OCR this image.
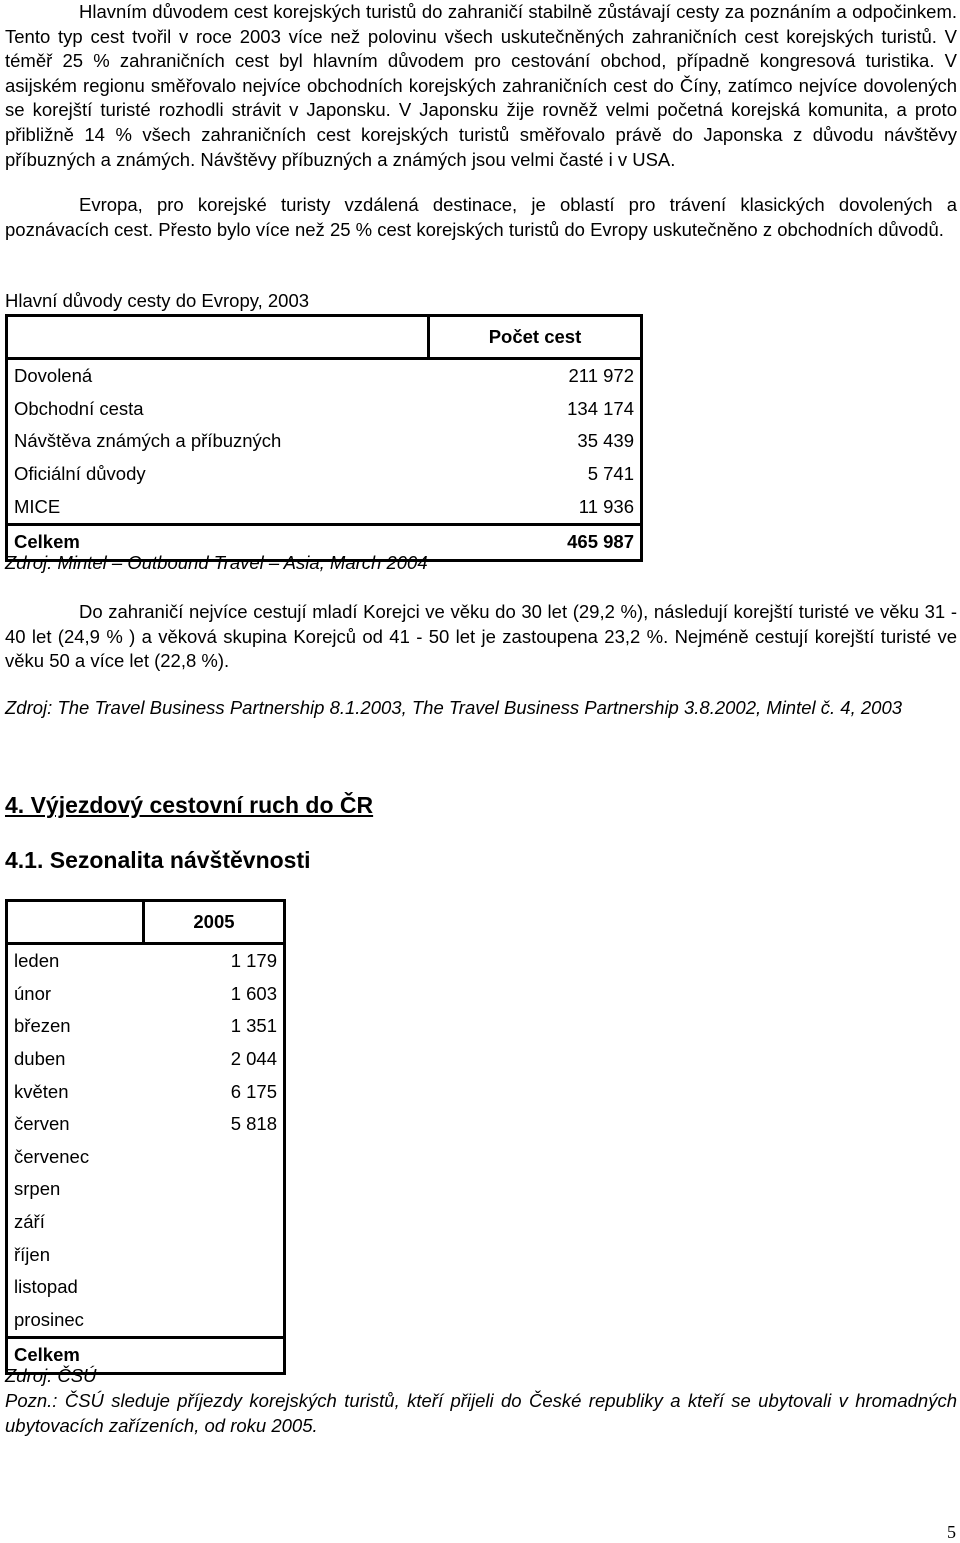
Hlavním důvodem cest korejských turistů do zahraničí stabilně zůstávají cesty za poznáním a odpočinkem. Tento typ cest tvořil v roce 2003 více než polovinu všech uskutečněných zahraničních cest korejských turistů. V téměř 25 % zahraničních cest byl hlavním důvodem pro cestování obchod, případně kongresová turistika. V asijském regionu směřovalo nejvíce obchodních korejských zahraničních cest do Číny, zatímco nejvíce dovolených se korejští turisté rozhodli strávit v Japonsku. V Japonsku žije rovněž velmi početná korejská komunita, a proto přibližně 14 % všech zahraničních cest korejských turistů směřovalo právě do Japonska z důvodu návštěvy příbuzných a známých. Návštěvy příbuzných a známých jsou velmi časté i v USA.

Evropa, pro korejské turisty vzdálená destinace, je oblastí pro trávení klasických dovolených a poznávacích cest. Přesto bylo více než 25 % cest korejských turistů do Evropy uskutečněno z obchodních důvodů.

Hlavní důvody cesty do Evropy, 2003

	Počet cest
Dovolená	211 972
Obchodní cesta	134 174
Návštěva známých a příbuzných	35 439
Oficiální důvody	5 741
MICE	11 936
Celkem	465 987

Zdroj: Mintel – Outbound Travel – Asia, March 2004

Do zahraničí nejvíce cestují mladí Korejci ve věku do 30 let (29,2 %), následují korejští turisté ve věku 31 - 40 let (24,9 % ) a věková skupina Korejců od 41 - 50 let je zastoupena 23,2 %. Nejméně cestují korejští turisté ve věku 50 a více let (22,8 %).

Zdroj: The Travel Business Partnership 8.1.2003, The Travel Business Partnership 3.8.2002, Mintel č. 4, 2003

4. Výjezdový cestovní ruch do ČR
4.1. Sezonalita návštěvnosti
	2005
leden	1 179
únor	1 603
březen	1 351
duben	2 044
květen	6 175
červen	5 818
červenec	
srpen	
září	
říjen	
listopad	
prosinec	
Celkem	

Zdroj: ČSÚ

Pozn.: ČSÚ sleduje příjezdy korejských turistů, kteří přijeli do České republiky a kteří se ubytovali v hromadných ubytovacích zařízeních, od roku 2005.

5
